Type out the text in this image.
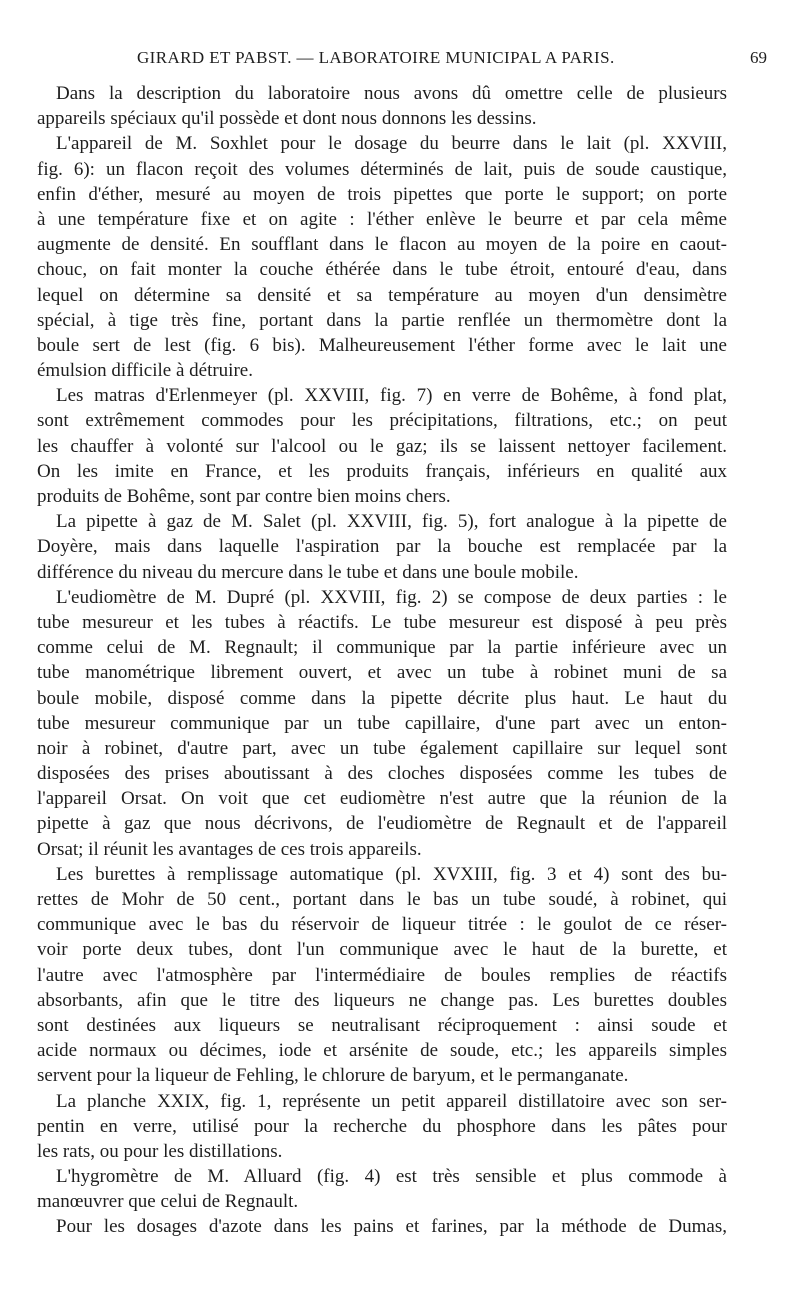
GIRARD ET PABST. — LABORATOIRE MUNICIPAL A PARIS.	69
Dans la description du laboratoire nous avons dû omettre celle de plusieurs
appareils spéciaux qu'il possède et dont nous donnons les dessins.
L'appareil de M. Soxhlet pour le dosage du beurre dans le lait (pl. XXVIII,
fig. 6): un flacon reçoit des volumes déterminés de lait, puis de soude caustique,
enfin d'éther, mesuré au moyen de trois pipettes que porte le support; on porte
à une température fixe et on agite : l'éther enlève le beurre et par cela même
augmente de densité. En soufflant dans le flacon au moyen de la poire en caout-
chouc, on fait monter la couche éthérée dans le tube étroit, entouré d'eau, dans
lequel on détermine sa densité et sa température au moyen d'un densimètre
spécial, à tige très fine, portant dans la partie renflée un thermomètre dont la
boule sert de lest (fig. 6 bis). Malheureusement l'éther forme avec le lait une
émulsion difficile à détruire.
Les matras d'Erlenmeyer (pl. XXVIII, fig. 7) en verre de Bohême, à fond plat,
sont extrêmement commodes pour les précipitations, filtrations, etc.; on peut
les chauffer à volonté sur l'alcool ou le gaz; ils se laissent nettoyer facilement.
On les imite en France, et les produits français, inférieurs en qualité aux
produits de Bohême, sont par contre bien moins chers.
La pipette à gaz de M. Salet (pl. XXVIII, fig. 5), fort analogue à la pipette de
Doyère, mais dans laquelle l'aspiration par la bouche est remplacée par la
différence du niveau du mercure dans le tube et dans une boule mobile.
L'eudiomètre de M. Dupré (pl. XXVIII, fig. 2) se compose de deux parties : le
tube mesureur et les tubes à réactifs. Le tube mesureur est disposé à peu près
comme celui de M. Regnault; il communique par la partie inférieure avec un
tube manométrique librement ouvert, et avec un tube à robinet muni de sa
boule mobile, disposé comme dans la pipette décrite plus haut. Le haut du
tube mesureur communique par un tube capillaire, d'une part avec un enton-
noir à robinet, d'autre part, avec un tube également capillaire sur lequel sont
disposées des prises aboutissant à des cloches disposées comme les tubes de
l'appareil Orsat. On voit que cet eudiomètre n'est autre que la réunion de la
pipette à gaz que nous décrivons, de l'eudiomètre de Regnault et de l'appareil
Orsat; il réunit les avantages de ces trois appareils.
Les burettes à remplissage automatique (pl. XVXIII, fig. 3 et 4) sont des bu-
rettes de Mohr de 50 cent., portant dans le bas un tube soudé, à robinet, qui
communique avec le bas du réservoir de liqueur titrée : le goulot de ce réser-
voir porte deux tubes, dont l'un communique avec le haut de la burette, et
l'autre avec l'atmosphère par l'intermédiaire de boules remplies de réactifs
absorbants, afin que le titre des liqueurs ne change pas. Les burettes doubles
sont destinées aux liqueurs se neutralisant réciproquement : ainsi soude et
acide normaux ou décimes, iode et arsénite de soude, etc.; les appareils simples
servent pour la liqueur de Fehling, le chlorure de baryum, et le permanganate.
La planche XXIX, fig. 1, représente un petit appareil distillatoire avec son ser-
pentin en verre, utilisé pour la recherche du phosphore dans les pâtes pour
les rats, ou pour les distillations.
L'hygromètre de M. Alluard (fig. 4) est très sensible et plus commode à
manœuvrer que celui de Regnault.
Pour les dosages d'azote dans les pains et farines, par la méthode de Dumas,
